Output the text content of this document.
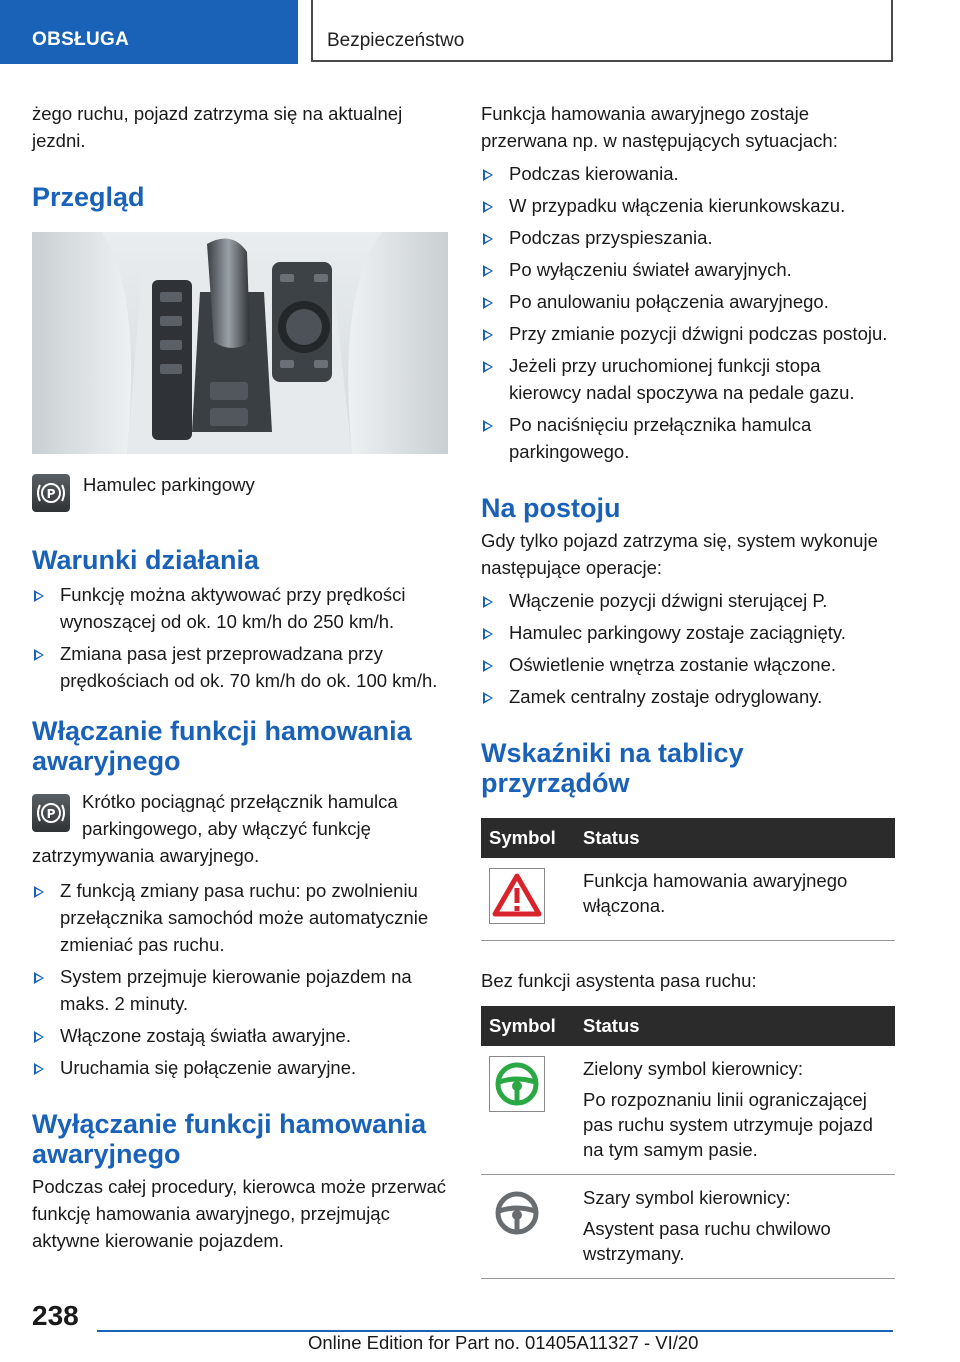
OBSŁUGA	Bezpieczeństwo

żego ruchu, pojazd zatrzyma się na aktualnej jezdni.

Przegląd
P Hamulec parkingowy

Warunki działania
Funkcję można aktywować przy prędkości wynoszącej od ok. 10 km/h do 250 km/h.
Zmiana pasa jest przeprowadzana przy prędkościach od ok. 70 km/h do ok. 100 km/h.
Włączanie funkcji hamowania awaryjnego
P

Krótko pociągnąć przełącznik hamulca parkingowego, aby włączyć funkcję zatrzymywania awaryjnego.

Z funkcją zmiany pasa ruchu: po zwolnieniu przełącznika samochód może automatycznie zmieniać pas ruchu.
System przejmuje kierowanie pojazdem na maks. 2 minuty.
Włączone zostają światła awaryjne.
Uruchamia się połączenie awaryjne.
Wyłączanie funkcji hamowania awaryjnego

Podczas całej procedury, kierowca może przerwać funkcję hamowania awaryjnego, przejmując aktywne kierowanie pojazdem.

Funkcja hamowania awaryjnego zostaje przerwana np. w następujących sytuacjach:

Podczas kierowania.
W przypadku włączenia kierunkowskazu.
Podczas przyspieszania.
Po wyłączeniu świateł awaryjnych.
Po anulowaniu połączenia awaryjnego.
Przy zmianie pozycji dźwigni podczas postoju.
Jeżeli przy uruchomionej funkcji stopa kierowcy nadal spoczywa na pedale gazu.
Po naciśnięciu przełącznika hamulca parkingowego.
Na postoju

Gdy tylko pojazd zatrzyma się, system wykonuje następujące operacje:

Włączenie pozycji dźwigni sterującej P.
Hamulec parkingowy zostaje zaciągnięty.
Oświetlenie wnętrza zostanie włączone.
Zamek centralny zostaje odryglowany.
Wskaźniki na tablicy przyrządów
Symbol	Status

Funkcja hamowania awaryjnego włączona.

Bez funkcji asystenta pasa ruchu:

Symbol	Status

Zielony symbol kierownicy:

Po rozpoznaniu linii ograniczającej pas ruchu system utrzymuje pojazd na tym samym pasie.

Szary symbol kierownicy:

Asystent pasa ruchu chwilowo wstrzymany.

238
Online Edition for Part no. 01405A11327 - VI/20
